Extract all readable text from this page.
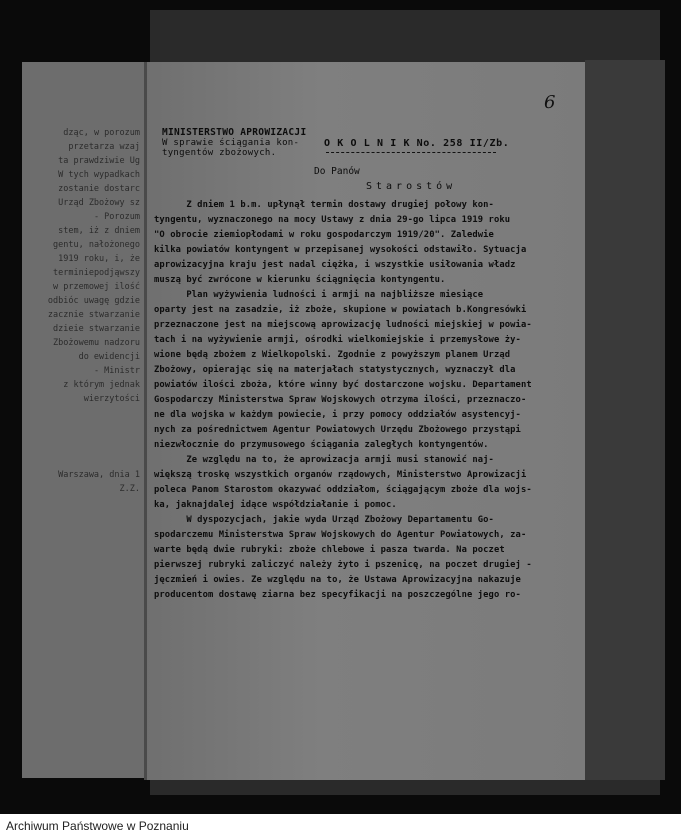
dząc, w porozum
przetarza wzaj
ta prawdziwie Ug
W tych wypadkach
zostanie dostarc
Urząd Zbożowy sz
- Porozum
stem, iż z dniem
gentu, nałożonego
1919 roku, i, że
terminiepodjąwszy
w przemowej ilość
odbióc uwagę gdzie
zacznie stwarzanie
dzieie stwarzanie
Zbożowemu nadzoru
do ewidencji
- Ministr
z którym jednak
wierzytości
Warszawa, dnia 1
Z.Z.
6
MINISTERSTWO APROWIZACJI
W sprawie ściągania kon-
tyngentów zbożowych.
O K O L N I K No. 258 II/Zb.
Do Panów
Starostów
Z dniem 1 b.m. upłynął termin dostawy drugiej połowy kon-
tyngentu, wyznaczonego na mocy Ustawy z dnia 29-go lipca 1919 roku
"O obrocie ziemiopłodami w roku gospodarczym 1919/20". Zaledwie
kilka powiatów kontyngent w przepisanej wysokości odstawiło. Sytuacja
aprowizacyjna kraju jest nadal ciężka, i wszystkie usiłowania władz
muszą być zwrócone w kierunku ściągnięcia kontyngentu.
Plan wyżywienia ludności i armji na najbliższe miesiące
oparty jest na zasadzie, iż zboże, skupione w powiatach b.Kongresówki
przeznaczone jest na miejscową aprowizację ludności miejskiej w powia-
tach i na wyżywienie armji, ośrodki wielkomiejskie i przemysłowe ży-
wione będą zbożem z Wielkopolski. Zgodnie z powyższym planem Urząd
Zbożowy, opierając się na materjałach statystycznych, wyznaczył dla
powiatów ilości zboża, które winny być dostarczone wojsku. Departament
Gospodarczy Ministerstwa Spraw Wojskowych otrzyma ilości, przeznaczo-
ne dla wojska w każdym powiecie, i przy pomocy oddziałów asystencyj-
nych za pośrednictwem Agentur Powiatowych Urzędu Zbożowego przystąpi
niezwłocznie do przymusowego ściągania zaległych kontyngentów.
Ze względu na to, że aprowizacja armji musi stanowić naj-
większą troskę wszystkich organów rządowych, Ministerstwo Aprowizacji
poleca Panom Starostom okazywać oddziałom, ściągającym zboże dla wojs-
ka, jaknajdalej idące współdziałanie i pomoc.
W dyspozycjach, jakie wyda Urząd Zbożowy Departamentu Go-
spodarczemu Ministerstwa Spraw Wojskowych do Agentur Powiatowych, za-
warte będą dwie rubryki: zboże chlebowe i pasza twarda. Na poczet
pierwszej rubryki zaliczyć należy żyto i pszenicę, na poczet drugiej -
jęczmień i owies. Ze względu na to, że Ustawa Aprowizacyjna nakazuje
producentom dostawę ziarna bez specyfikacji na poszczególne jego ro-
Archiwum Państwowe w Poznaniu
